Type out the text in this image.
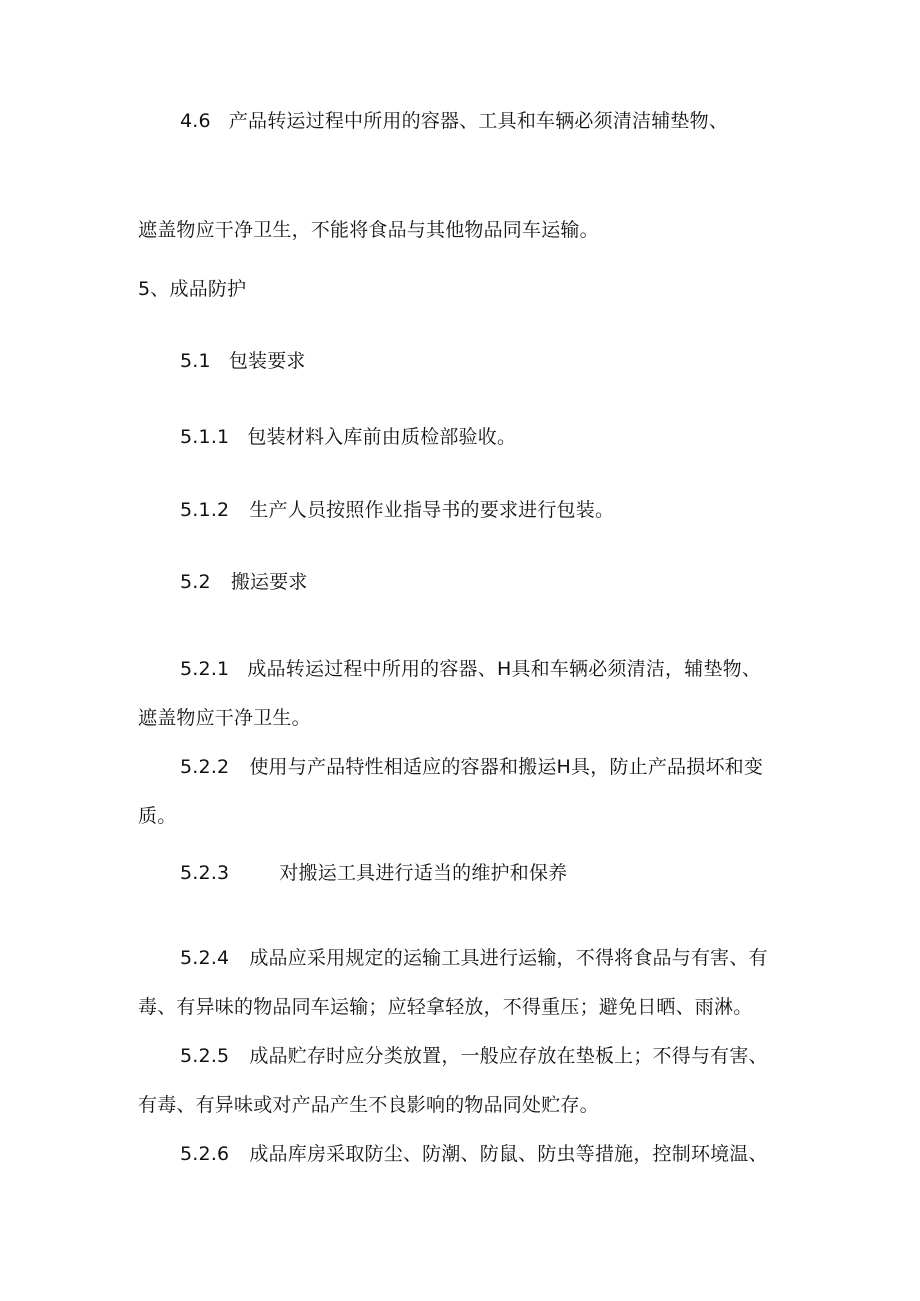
4.6 产品转运过程中所用的容器、工具和车辆必须清洁辅垫物、
遮盖物应干净卫生，不能将食品与其他物品同车运输。
5、成品防护
5.1 包装要求
5.1.1 包装材料入库前由质检部验收。
5.1.2 生产人员按照作业指导书的要求进行包装。
5.2 搬运要求
5.2.1 成品转运过程中所用的容器、H具和车辆必须清洁，辅垫物、
遮盖物应干净卫生。
5.2.2 使用与产品特性相适应的容器和搬运H具，防止产品损坏和变
质。
5.2.3	对搬运工具进行适当的维护和保养
5.2.4 成品应采用规定的运输工具进行运输，不得将食品与有害、有
毒、有异味的物品同车运输；应轻拿轻放，不得重压；避免日晒、雨淋。
5.2.5 成品贮存时应分类放置，一般应存放在垫板上；不得与有害、
有毒、有异味或对产品产生不良影响的物品同处贮存。
5.2.6 成品库房采取防尘、防潮、防鼠、防虫等措施，控制环境温、
